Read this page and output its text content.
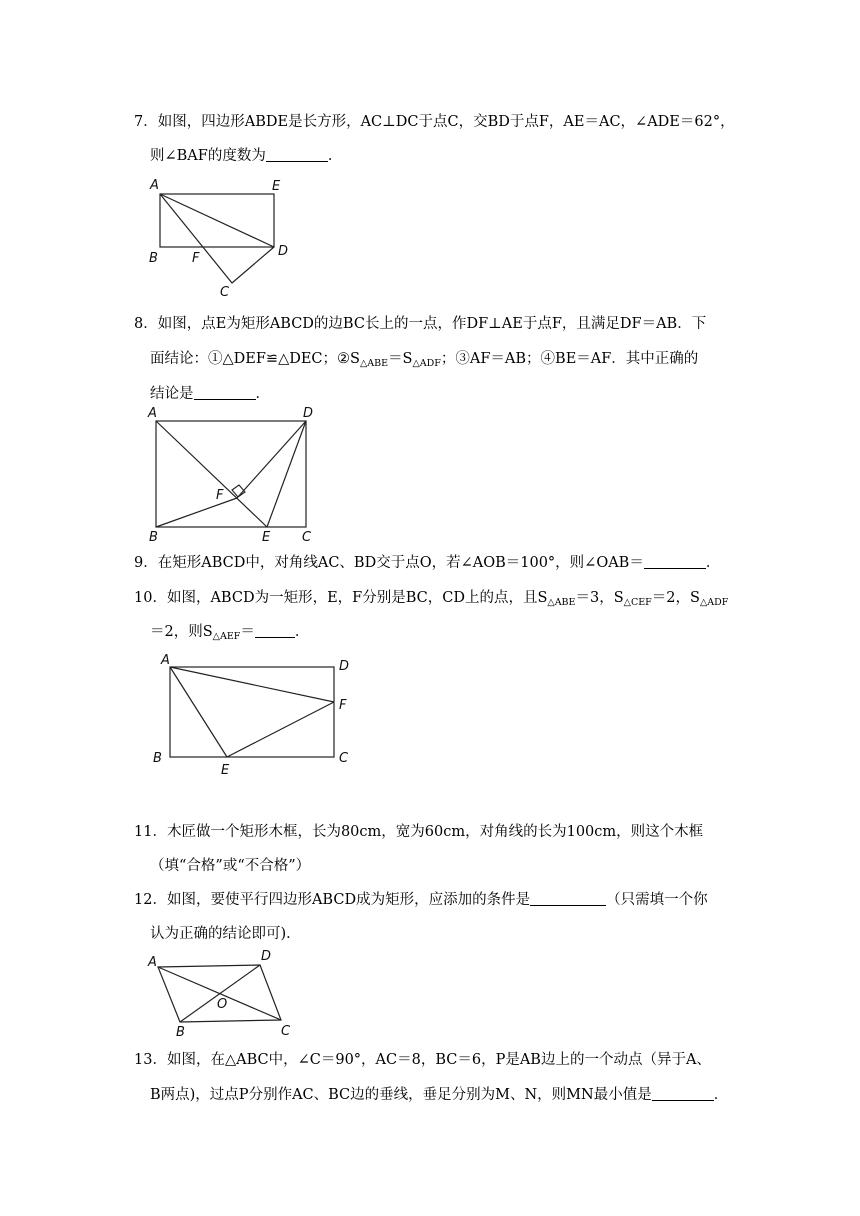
7．如图，四边形ABDE是长方形，AC⊥DC于点C，交BD于点F，AE＝AC，∠ADE＝62°，
则∠BAF的度数为	．
A	E
B	F	D
C
8．如图，点E为矩形ABCD的边BC长上的一点，作DF⊥AE于点F，且满足DF＝AB．下
面结论：①△DEF≌△DEC；$②S_{\triangle ABE}=S_{\triangle ADF}$；③AF＝AB；④BE＝AF．其中正确的
结论是	．
A	D
F
B	E C
9．在矩形ABCD中，对角线AC、BD交于点O，若∠AOB＝100°，则∠OAB＝	．
10．如图，ABCD为一矩形，E，F分别是BC，CD上的点，且$S_{\triangle ABE}=3$，$S_{\triangle CEF}=2$，$S_{\triangle ADF}$
＝2，则$S_{\triangle AEF}=$	．
A	D
F
B
E
C
11．木匠做一个矩形木框，长为80cm，宽为60cm，对角线的长为100cm，则这个木框
（填“合格”或“不合格”）
12．如图，要使平行四边形ABCD成为矩形，应添加的条件是	（只需填一个你
认为正确的结论即可)．
A	D
O
B	C
13．如图，在△ABC中，∠C＝90°，AC＝8，BC＝6，P是AB边上的一个动点（异于A、
B两点)，过点P分别作AC、BC边的垂线，垂足分别为M、N，则MN最小值是	．
